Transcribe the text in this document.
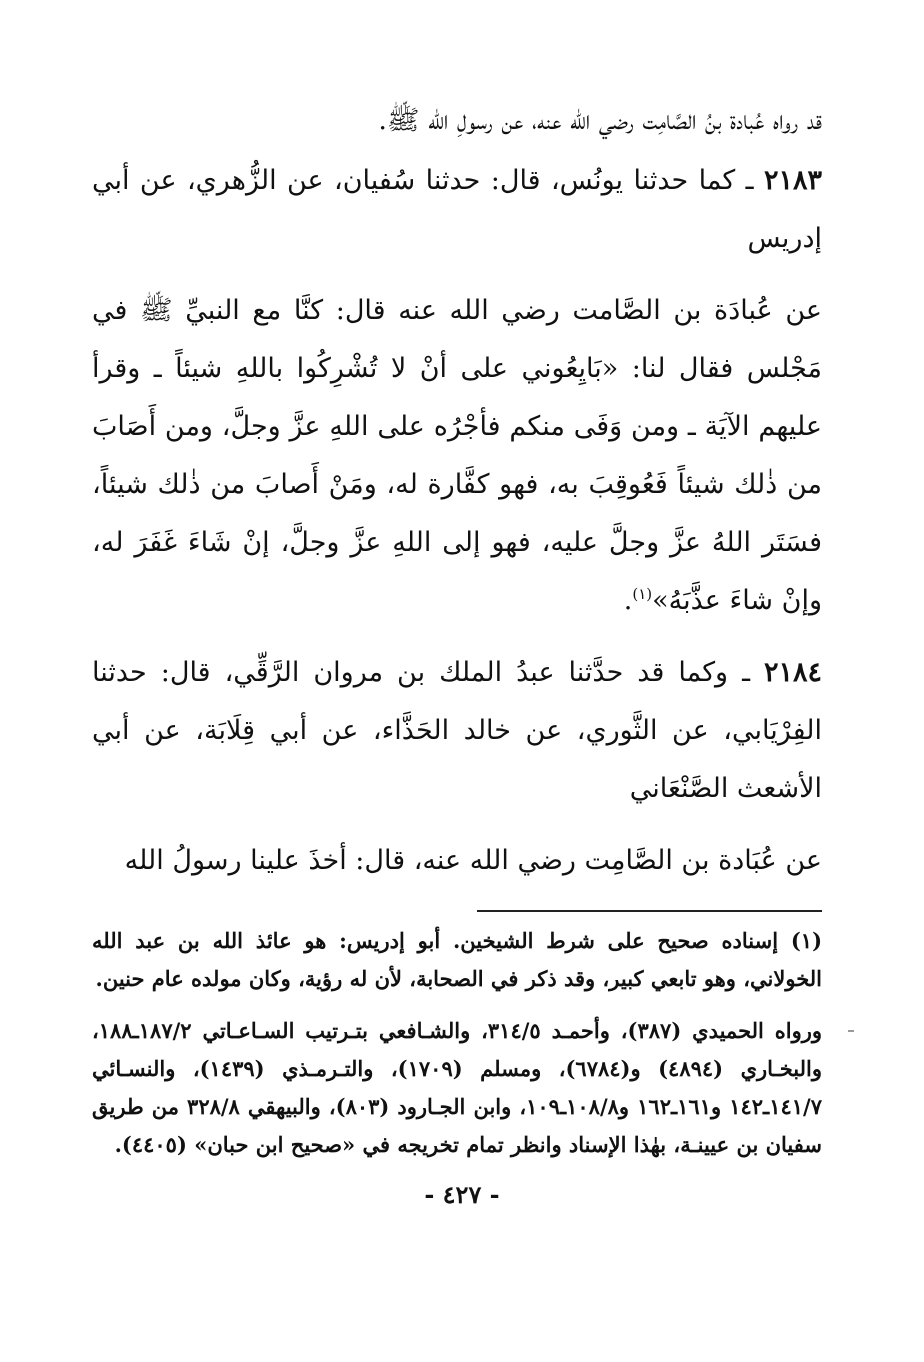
قد رواه عُبادة بنُ الصَّامِت رضي الله عنه، عن رسولِ الله ﷺ.

٢١٨٣ ـ كما حدثنا يونُس، قال: حدثنا سُفيان، عن الزُّهري، عن أبي إدريس

عن عُبادَة بن الصَّامت رضي الله عنه قال: كنَّا مع النبيِّ ﷺ في مَجْلس فقال لنا: «بَايِعُوني على أنْ لا تُشْرِكُوا باللهِ شيئاً ـ وقرأ عليهم الآيَة ـ ومن وَفَى منكم فأجْرُه على اللهِ عزَّ وجلَّ، ومن أَصَابَ من ذٰلك شيئاً فَعُوقِبَ به، فهو كفَّارة له، ومَنْ أَصابَ من ذٰلك شيئاً، فسَتَر اللهُ عزَّ وجلَّ عليه، فهو إلى اللهِ عزَّ وجلَّ، إنْ شَاءَ غَفَرَ له، وإنْ شاءَ عذَّبَهُ»$^{(١)}$.

٢١٨٤ ـ وكما قد حدَّثنا عبدُ الملك بن مروان الرَّقِّي، قال: حدثنا الفِرْيَابي، عن الثَّوري، عن خالد الحَذَّاء، عن أبي قِلَابَة، عن أبي الأشعث الصَّنْعَاني

عن عُبَادة بن الصَّامِت رضي الله عنه، قال: أخذَ علينا رسولُ الله

(١) إسناده صحيح على شرط الشيخين. أبو إدريس: هو عائذ الله بن عبد الله الخولاني، وهو تابعي كبير، وقد ذكر في الصحابة، لأن له رؤية، وكان مولده عام حنين.

ورواه الحميدي (٣٨٧)، وأحمـد ٣١٤/٥، والشـافعي بتـرتيب السـاعـاتي ١٨٧/٢ـ١٨٨، والبخـاري (٤٨٩٤) و(٦٧٨٤)، ومسلم (١٧٠٩)، والتـرمـذي (١٤٣٩)، والنسـائي ١٤١/٧ـ١٤٢ و١٦١ـ١٦٢ و١٠٨/٨ـ١٠٩، وابن الجـارود (٨٠٣)، والبيهقي ٣٢٨/٨ من طريق سفيان بن عيينـة، بهٰذا الإسناد وانظر تمام تخريجه في «صحيح ابن حبان» (٤٤٠٥).

- ٤٢٧ -
